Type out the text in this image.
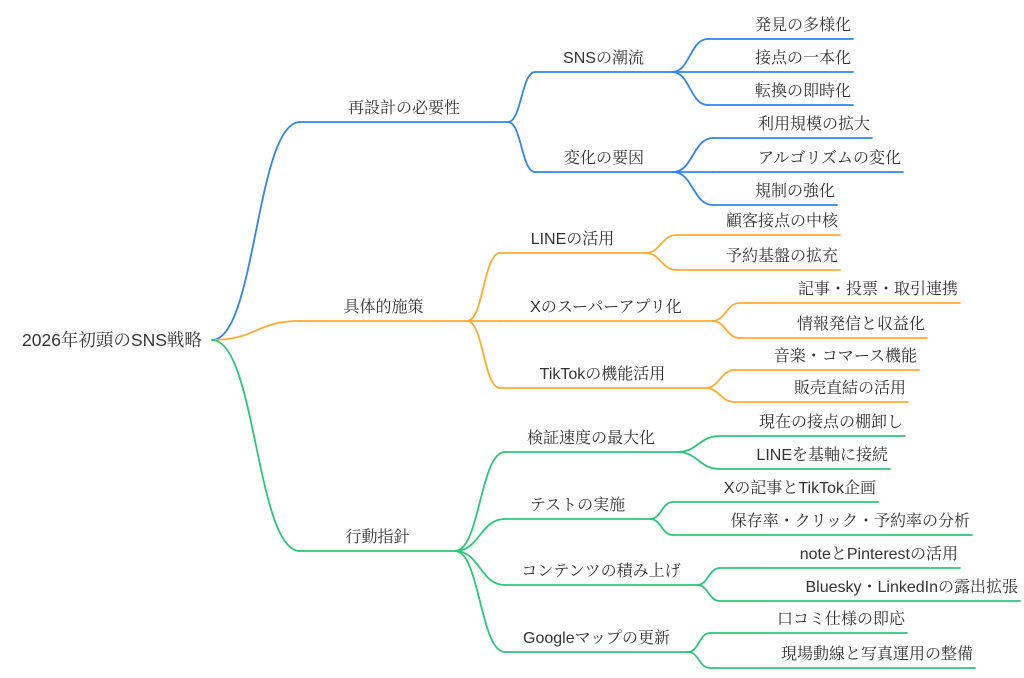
2026年初頭のSNS戦略
再設計の必要性
SNSの潮流
発見の多様化
接点の一本化
転換の即時化
変化の要因
利用規模の拡大
アルゴリズムの変化
規制の強化
具体的施策
LINEの活用
顧客接点の中核
予約基盤の拡充
Xのスーパーアプリ化
記事・投票・取引連携
情報発信と収益化
TikTokの機能活用
音楽・コマース機能
販売直結の活用
行動指針
検証速度の最大化
現在の接点の棚卸し
LINEを基軸に接続
テストの実施
Xの記事とTikTok企画
保存率・クリック・予約率の分析
コンテンツの積み上げ
noteとPinterestの活用
Bluesky・LinkedInの露出拡張
Googleマップの更新
口コミ仕様の即応
現場動線と写真運用の整備
